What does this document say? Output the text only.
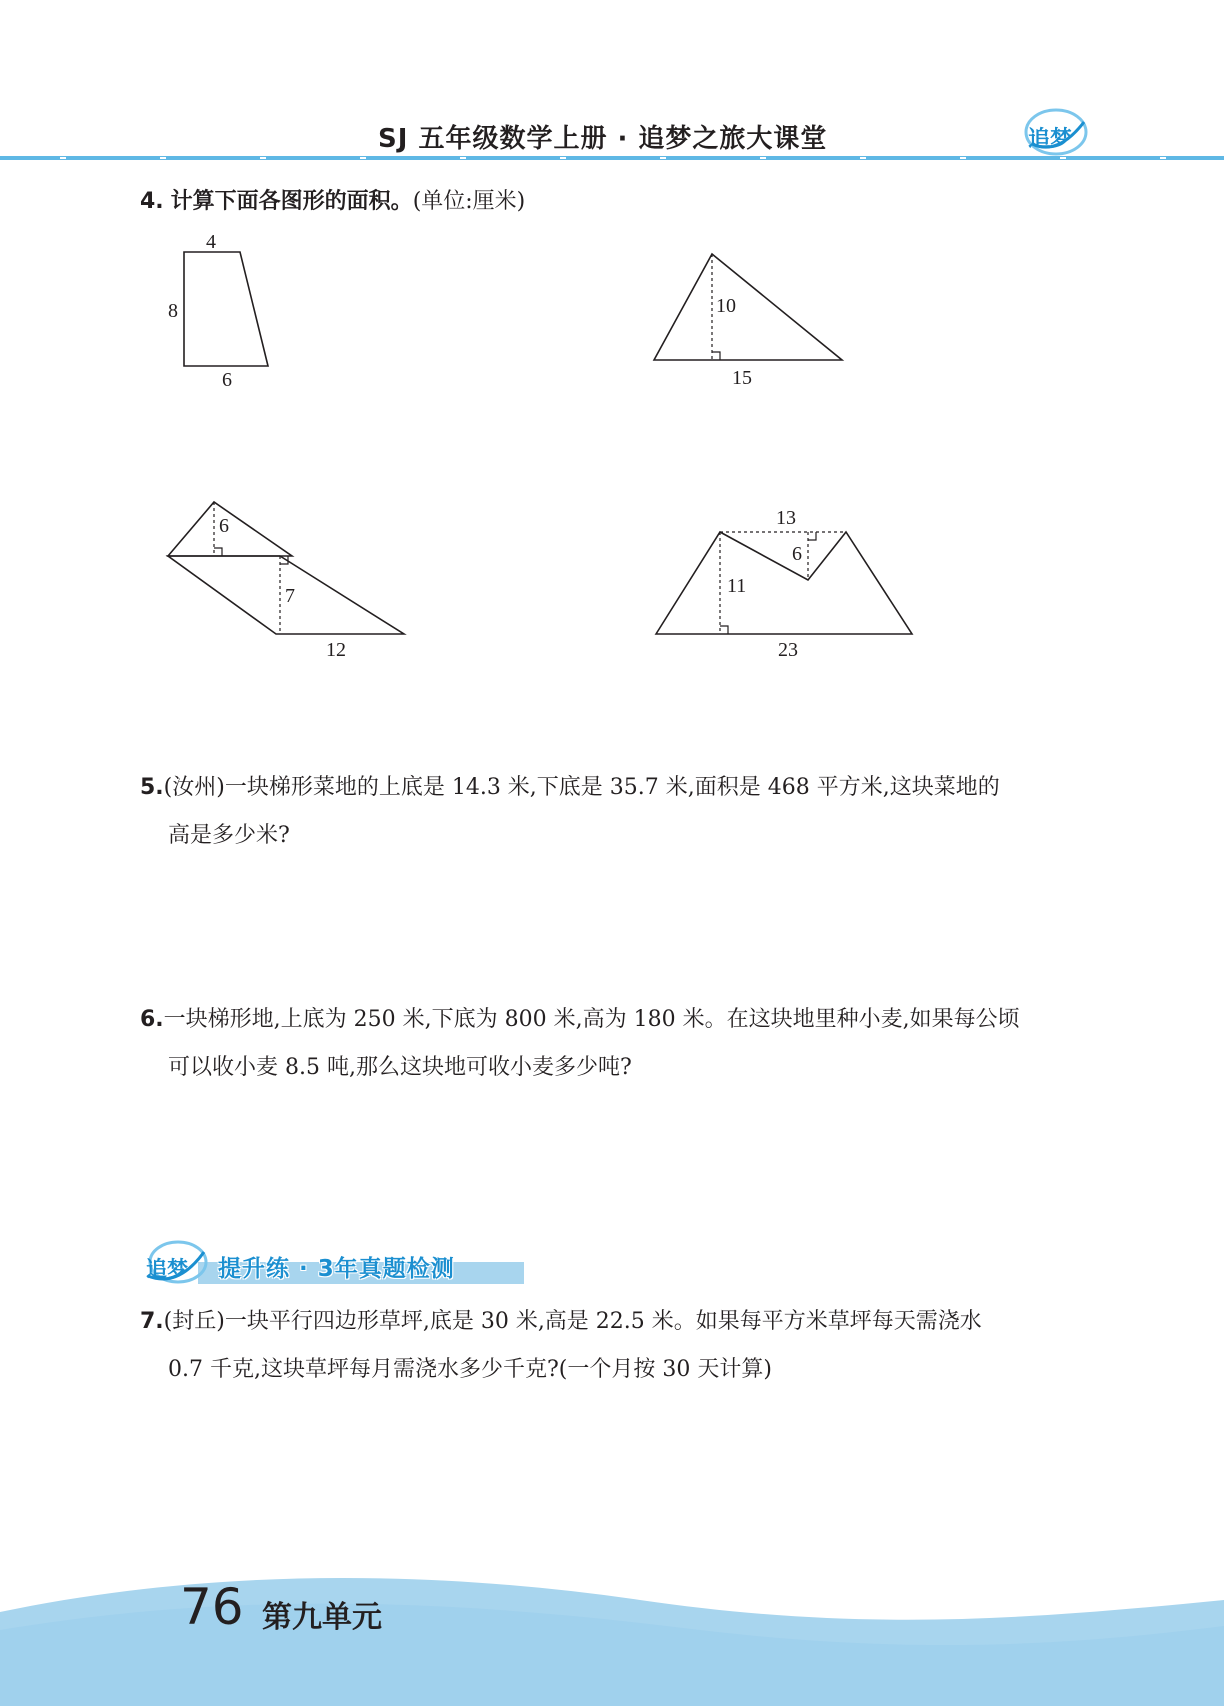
SJ 五年级数学上册 · 追梦之旅大课堂	追梦
4. 计算下面各图形的面积。(单位:厘米)
4
8
6
10
15
6
7
12
13
6
11
23
5.(汝州)一块梯形菜地的上底是 14.3 米,下底是 35.7 米,面积是 468 平方米,这块菜地的
高是多少米?
6.一块梯形地,上底为 250 米,下底为 800 米,高为 180 米。在这块地里种小麦,如果每公顷
可以收小麦 8.5 吨,那么这块地可收小麦多少吨?
追梦 提升练 · 3年真题检测
7.(封丘)一块平行四边形草坪,底是 30 米,高是 22.5 米。如果每平方米草坪每天需浇水
0.7 千克,这块草坪每月需浇水多少千克?(一个月按 30 天计算)
76 第九单元
